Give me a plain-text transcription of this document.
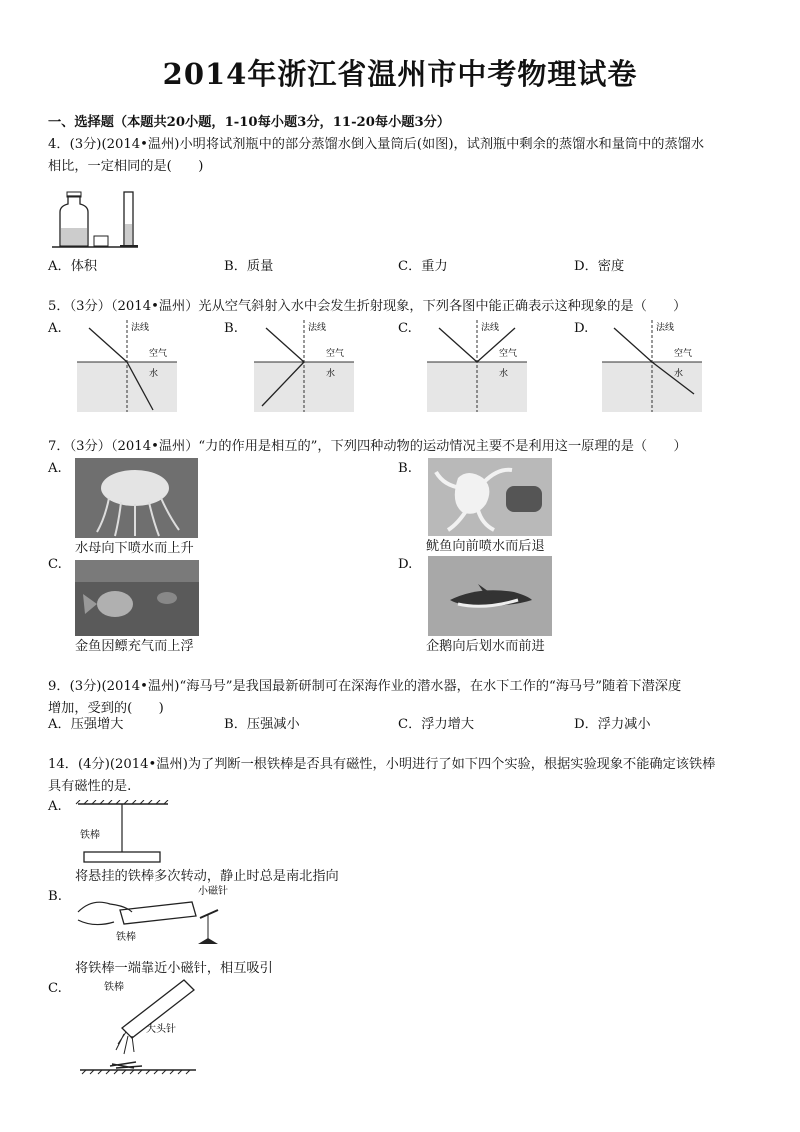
2014年浙江省温州市中考物理试卷
一、选择题（本题共20小题，1-10每小题3分，11-20每小题3分）
4．(3分)(2014•温州)小明将试剂瓶中的部分蒸馏水倒入量筒后(如图)，试剂瓶中剩余的蒸馏水和量筒中的蒸馏水
相比，一定相同的是(　　)
A．体积	B．质量	C．重力	D．密度
5．（3分）（2014•温州）光从空气斜射入水中会发生折射现象，下列各图中能正确表示这种现象的是（　　）
A.	B.	C.	D.
法线
空气
水
法线
空气
水
法线
空气
水
法线
空气
水
7．（3分）（2014•温州）“力的作用是相互的”，下列四种动物的运动情况主要不是利用这一原理的是（　　）
A.	B.
水母向下喷水而上升	鱿鱼向前喷水而后退
C.	D.
金鱼因鳔充气而上浮	企鹅向后划水而前进
9．(3分)(2014•温州)“海马号”是我国最新研制可在深海作业的潜水器，在水下工作的“海马号”随着下潜深度
增加，受到的(　　)
A．压强增大	B．压强减小	C．浮力增大	D．浮力减小
14．(4分)(2014•温州)为了判断一根铁棒是否具有磁性，小明进行了如下四个实验，根据实验现象不能确定该铁棒
具有磁性的是.
A.
铁棒
将悬挂的铁棒多次转动，静止时总是南北指向
B.	小磁针
铁棒
将铁棒一端靠近小磁针，相互吸引
C.	铁棒
大头针
